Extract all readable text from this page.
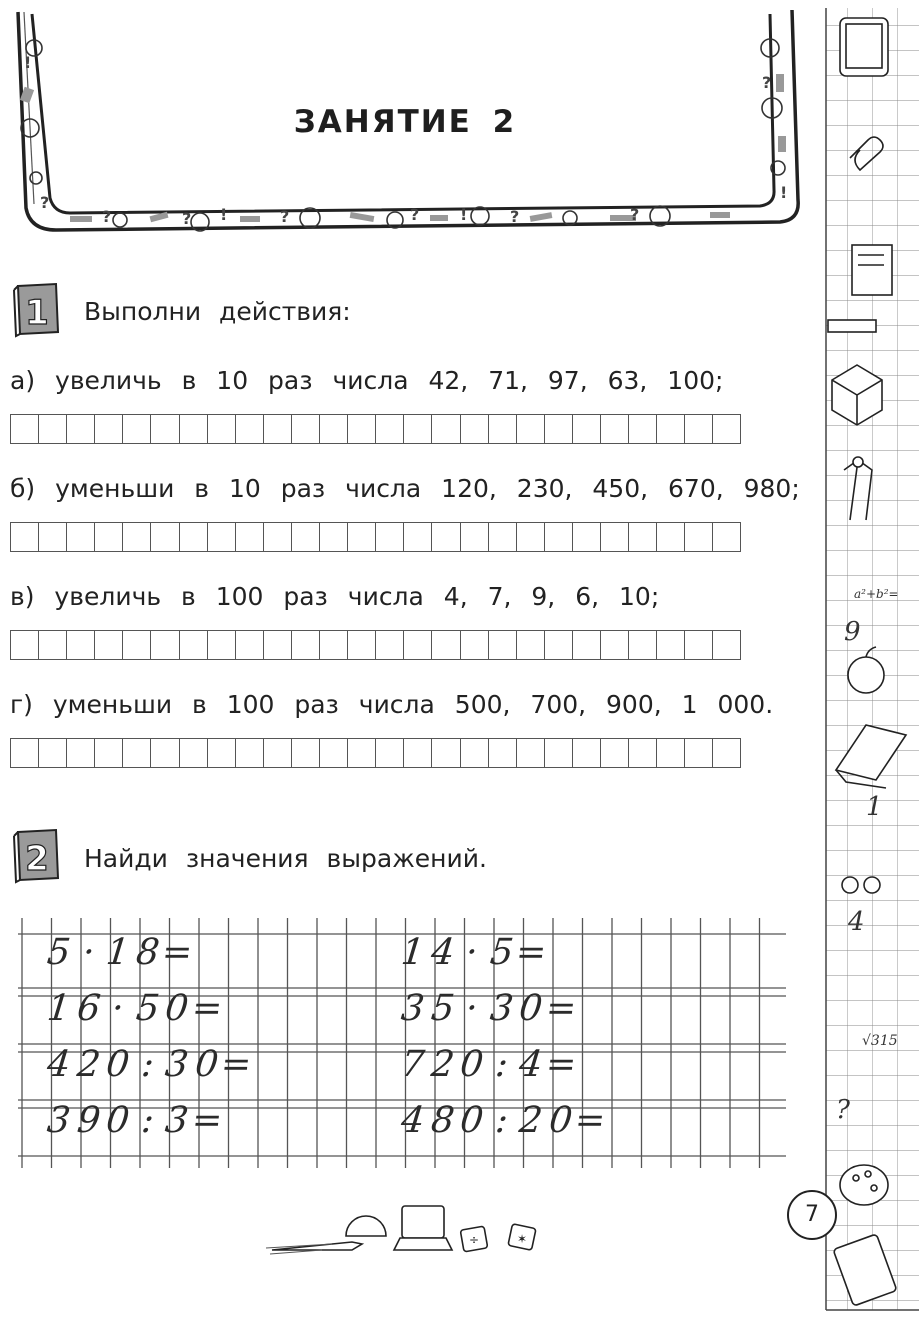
?
?	?	?	?	?	?
?
!
!
!	!
ЗАНЯТИЕ 2
a²+b²=
9
1
4
√315
?
1 Выполни действия:
а) увеличь в 10 раз числа 42, 71, 97, 63, 100;
б) уменьши в 10 раз числа 120, 230, 450, 670, 980;
в) увеличь в 100 раз числа 4, 7, 9, 6, 10;
г) уменьши в 100 раз числа 500, 700, 900, 1 000.
2 Найди значения выражений.
5 · 1 8
=
1 6 · 5 0
=
4 2 0 : 3 0
=
3 9 0 : 3
=
1 4 · 5
=
3 5 · 3 0
=
7 2 0 : 4
=
4 8 0 : 2 0
=
÷	✶
7
